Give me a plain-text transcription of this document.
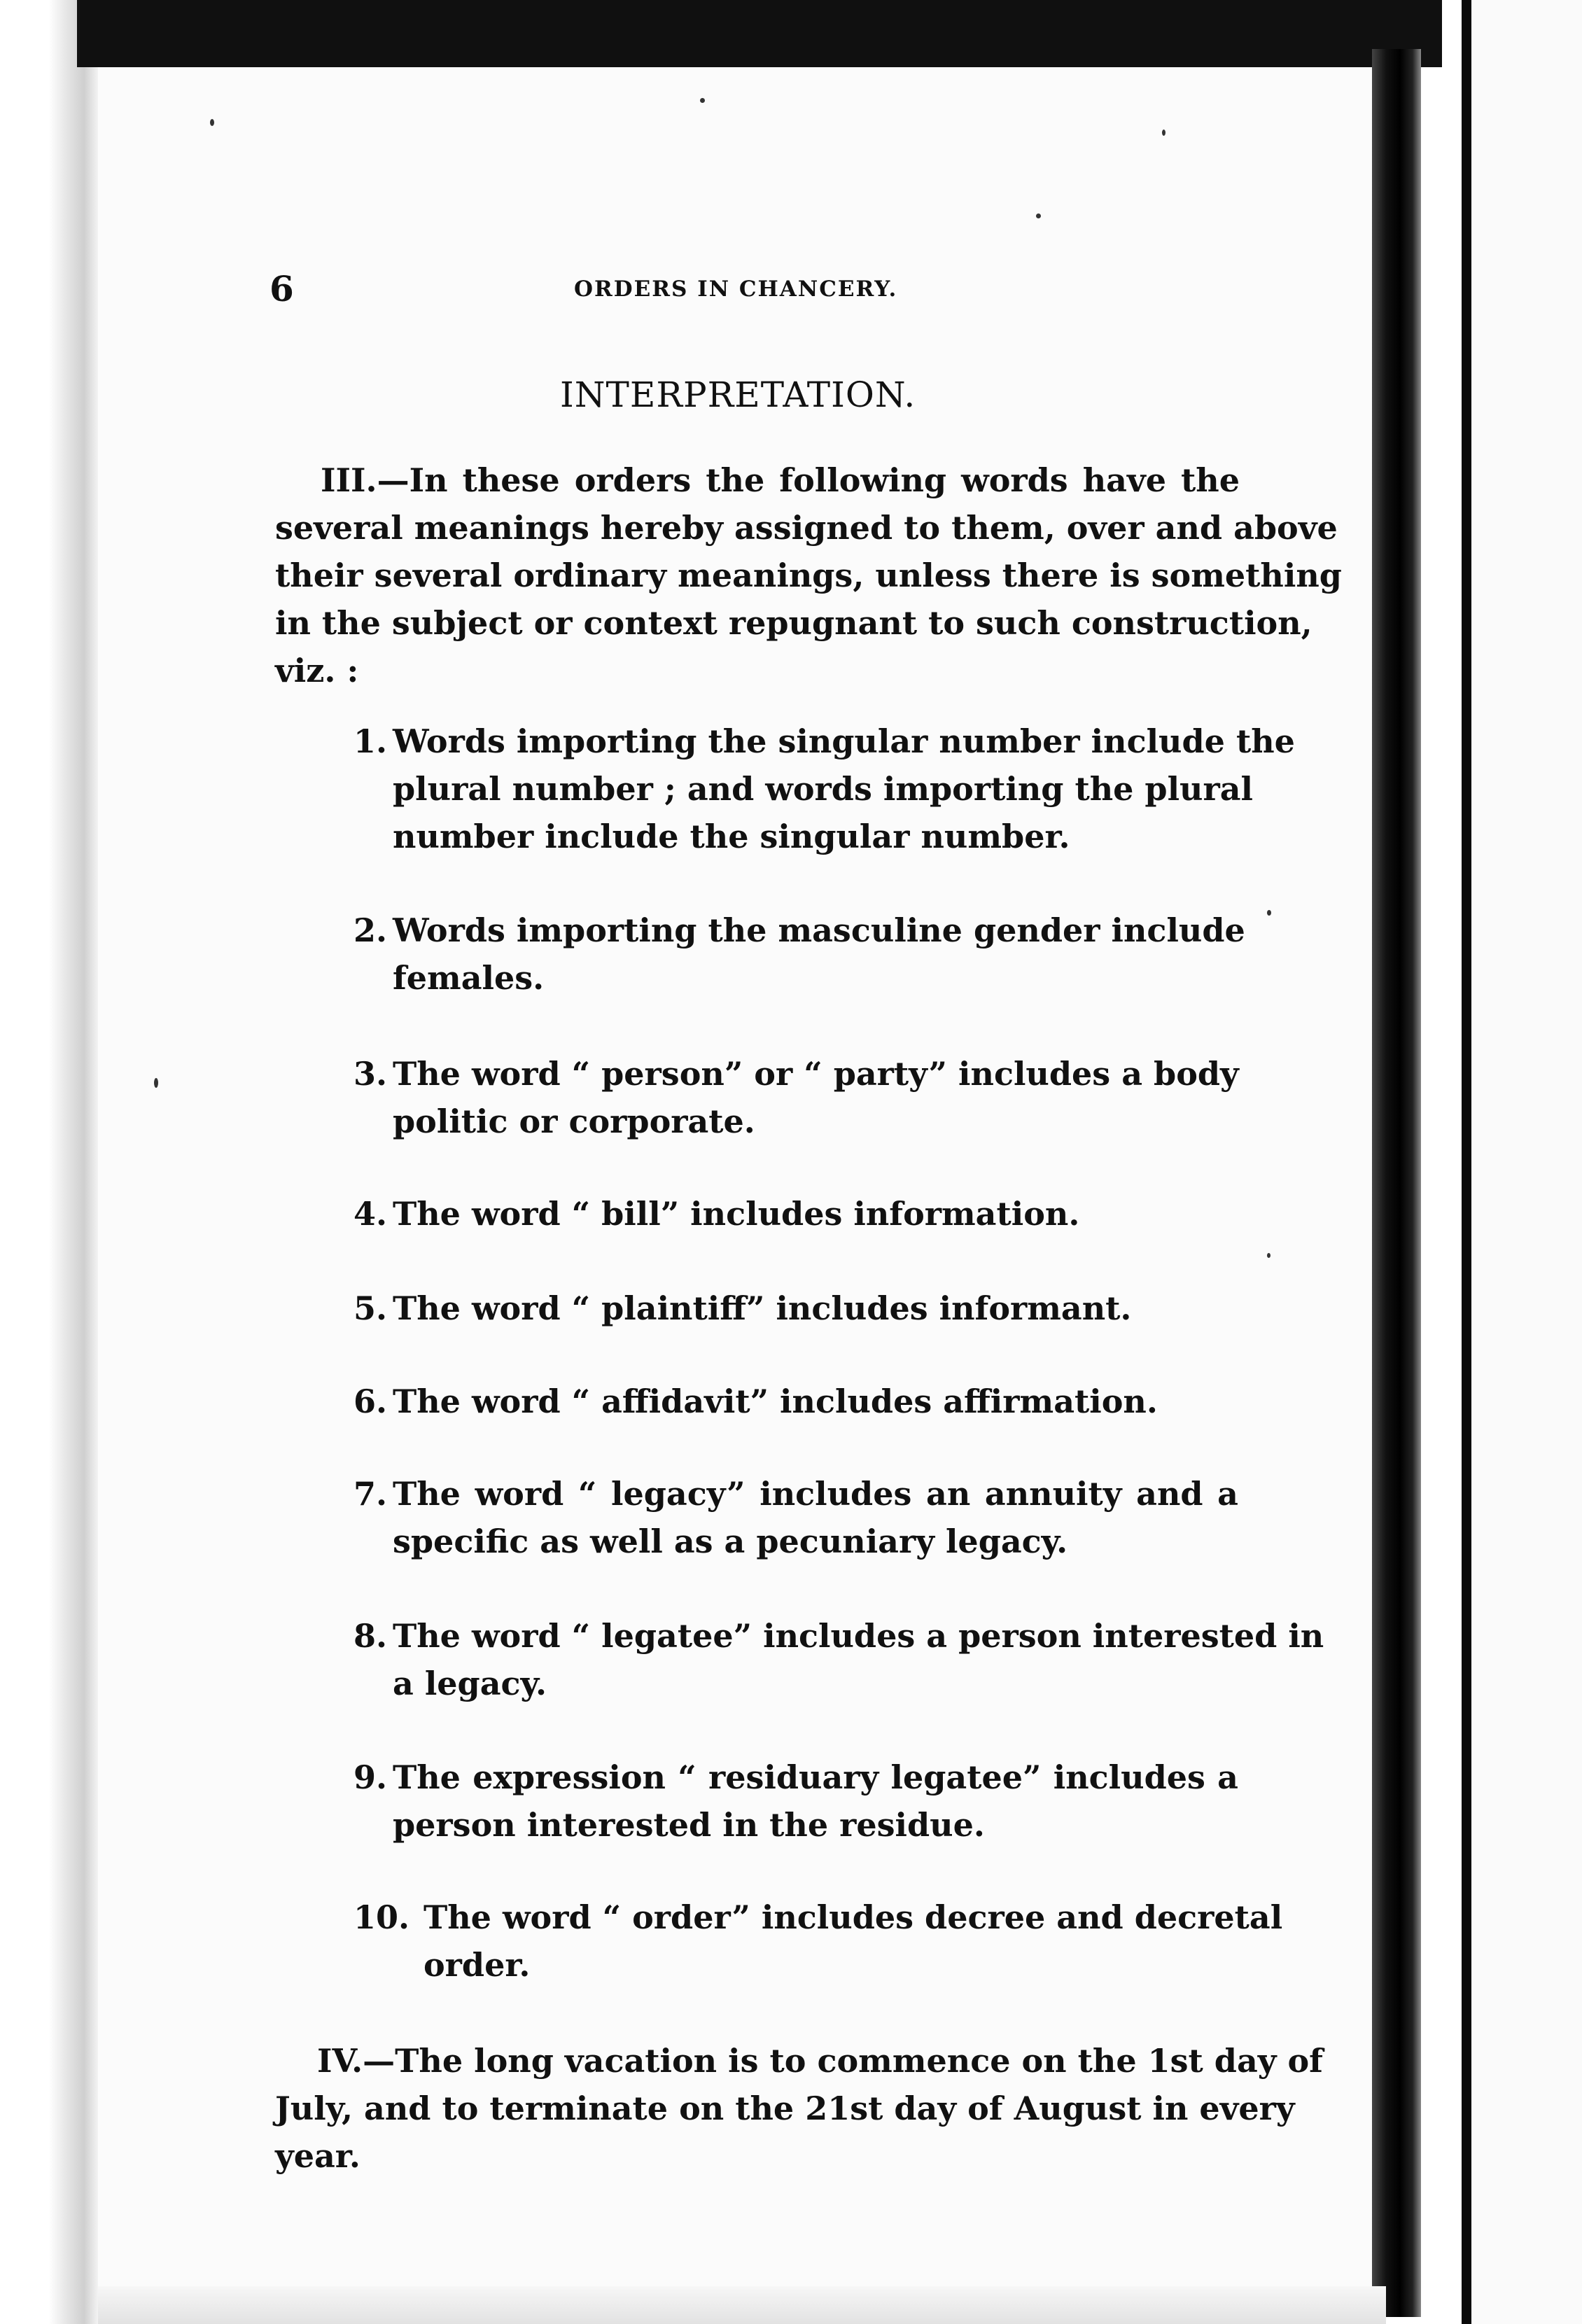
6	ORDERS IN CHANCERY.
INTERPRETATION.
III.—In these orders the following words have the
several meanings hereby assigned to them, over and above
their several ordinary meanings, unless there is something
in the subject or context repugnant to such construction,
viz. :
1. Words importing the singular number include the
plural number ; and words importing the plural
number include the singular number.
2. Words importing the masculine gender include
females.
3. The word “ person” or “ party” includes a body
politic or corporate.
4. The word “ bill” includes information.
5. The word “ plaintiff” includes informant.
6. The word “ affidavit” includes affirmation.
7. The word “ legacy” includes an annuity and a
specific as well as a pecuniary legacy.
8. The word “ legatee” includes a person interested in
a legacy.
9. The expression “ residuary legatee” includes a
person interested in the residue.
10. The word “ order” includes decree and decretal
order.
IV.—The long vacation is to commence on the 1st day of
July, and to terminate on the 21st day of August in every
year.
